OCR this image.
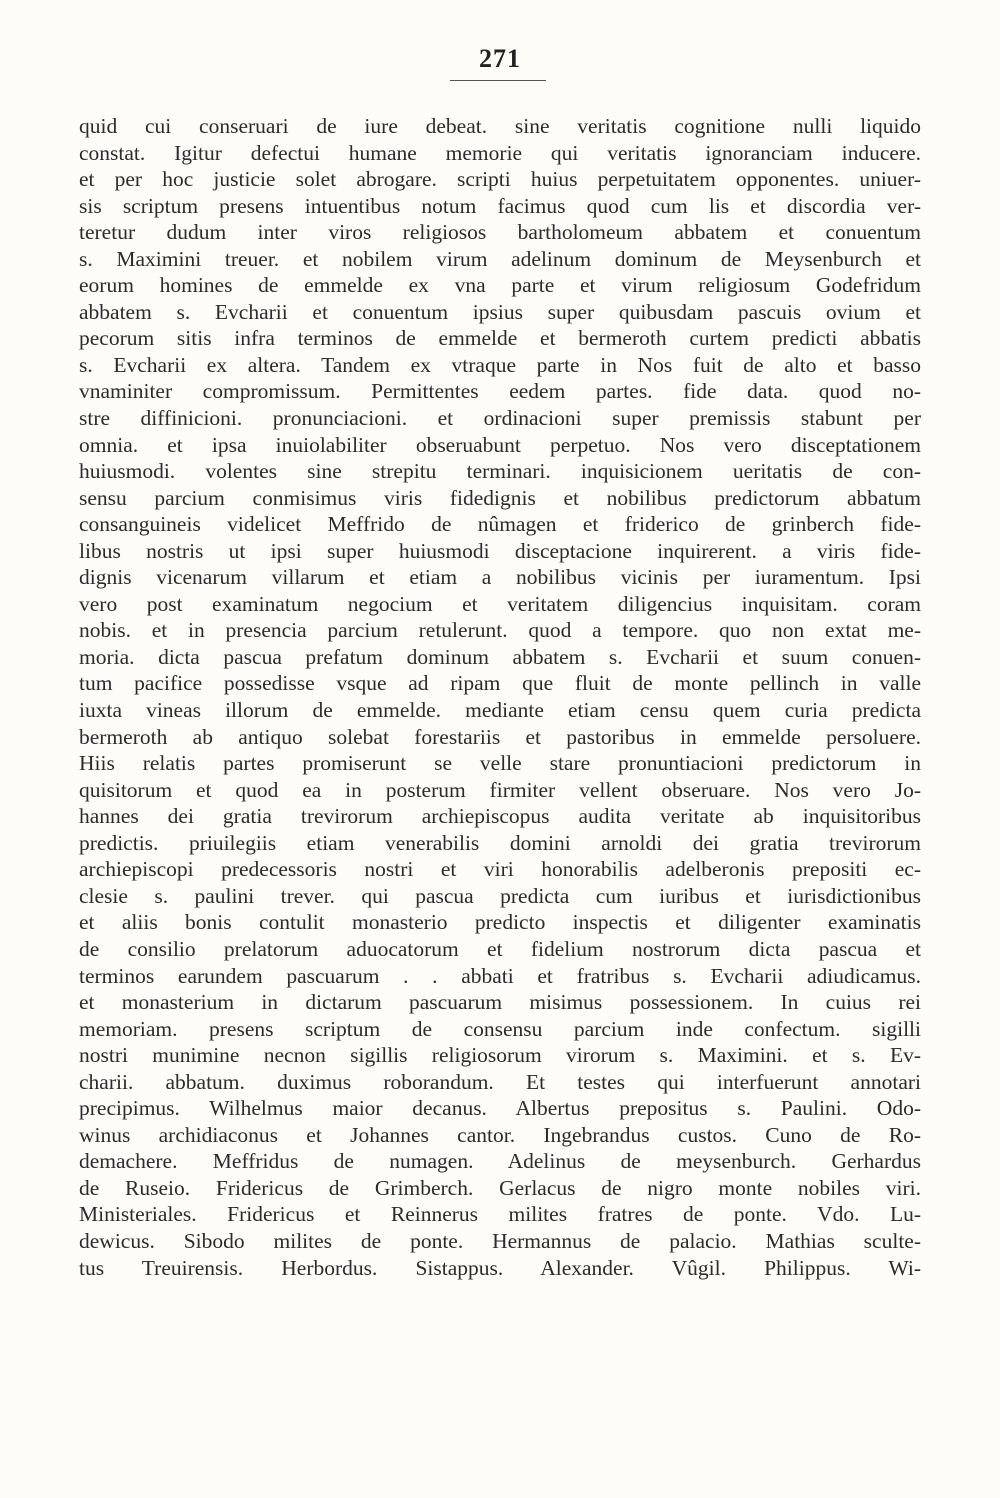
271
quid cui conseruari de iure debeat. sine veritatis cognitione nulli liquido
constat. Igitur defectui humane memorie qui veritatis ignoranciam inducere.
et per hoc justicie solet abrogare. scripti huius perpetuitatem opponentes. uniuer-
sis scriptum presens intuentibus notum facimus quod cum lis et discordia ver-
teretur dudum inter viros religiosos bartholomeum abbatem et conuentum
s. Maximini treuer. et nobilem virum adelinum dominum de Meysenburch et
eorum homines de emmelde ex vna parte et virum religiosum Godefridum
abbatem s. Evcharii et conuentum ipsius super quibusdam pascuis ovium et
pecorum sitis infra terminos de emmelde et bermeroth curtem predicti abbatis
s. Evcharii ex altera. Tandem ex vtraque parte in Nos fuit de alto et basso
vnaminiter compromissum. Permittentes eedem partes. fide data. quod no-
stre diffinicioni. pronunciacioni. et ordinacioni super premissis stabunt per
omnia. et ipsa inuiolabiliter obseruabunt perpetuo. Nos vero disceptationem
huiusmodi. volentes sine strepitu terminari. inquisicionem ueritatis de con-
sensu parcium conmisimus viris fidedignis et nobilibus predictorum abbatum
consanguineis videlicet Meffrido de nûmagen et friderico de grinberch fide-
libus nostris ut ipsi super huiusmodi disceptacione inquirerent. a viris fide-
dignis vicenarum villarum et etiam a nobilibus vicinis per iuramentum. Ipsi
vero post examinatum negocium et veritatem diligencius inquisitam. coram
nobis. et in presencia parcium retulerunt. quod a tempore. quo non extat me-
moria. dicta pascua prefatum dominum abbatem s. Evcharii et suum conuen-
tum pacifice possedisse vsque ad ripam que fluit de monte pellinch in valle
iuxta vineas illorum de emmelde. mediante etiam censu quem curia predicta
bermeroth ab antiquo solebat forestariis et pastoribus in emmelde persoluere.
Hiis relatis partes promiserunt se velle stare pronuntiacioni predictorum in
quisitorum et quod ea in posterum firmiter vellent obseruare. Nos vero Jo-
hannes dei gratia trevirorum archiepiscopus audita veritate ab inquisitoribus
predictis. priuilegiis etiam venerabilis domini arnoldi dei gratia trevirorum
archiepiscopi predecessoris nostri et viri honorabilis adelberonis prepositi ec-
clesie s. paulini trever. qui pascua predicta cum iuribus et iurisdictionibus
et aliis bonis contulit monasterio predicto inspectis et diligenter examinatis
de consilio prelatorum aduocatorum et fidelium nostrorum dicta pascua et
terminos earundem pascuarum . . abbati et fratribus s. Evcharii adiudicamus.
et monasterium in dictarum pascuarum misimus possessionem. In cuius rei
memoriam. presens scriptum de consensu parcium inde confectum. sigilli
nostri munimine necnon sigillis religiosorum virorum s. Maximini. et s. Ev-
charii. abbatum. duximus roborandum. Et testes qui interfuerunt annotari
precipimus. Wilhelmus maior decanus. Albertus prepositus s. Paulini. Odo-
winus archidiaconus et Johannes cantor. Ingebrandus custos. Cuno de Ro-
demachere. Meffridus de numagen. Adelinus de meysenburch. Gerhardus
de Ruseio. Fridericus de Grimberch. Gerlacus de nigro monte nobiles viri.
Ministeriales. Fridericus et Reinnerus milites fratres de ponte. Vdo. Lu-
dewicus. Sibodo milites de ponte. Hermannus de palacio. Mathias scultе-
tus Treuirensis. Herbordus. Sistappus. Alexander. Vûgil. Philippus. Wi-
